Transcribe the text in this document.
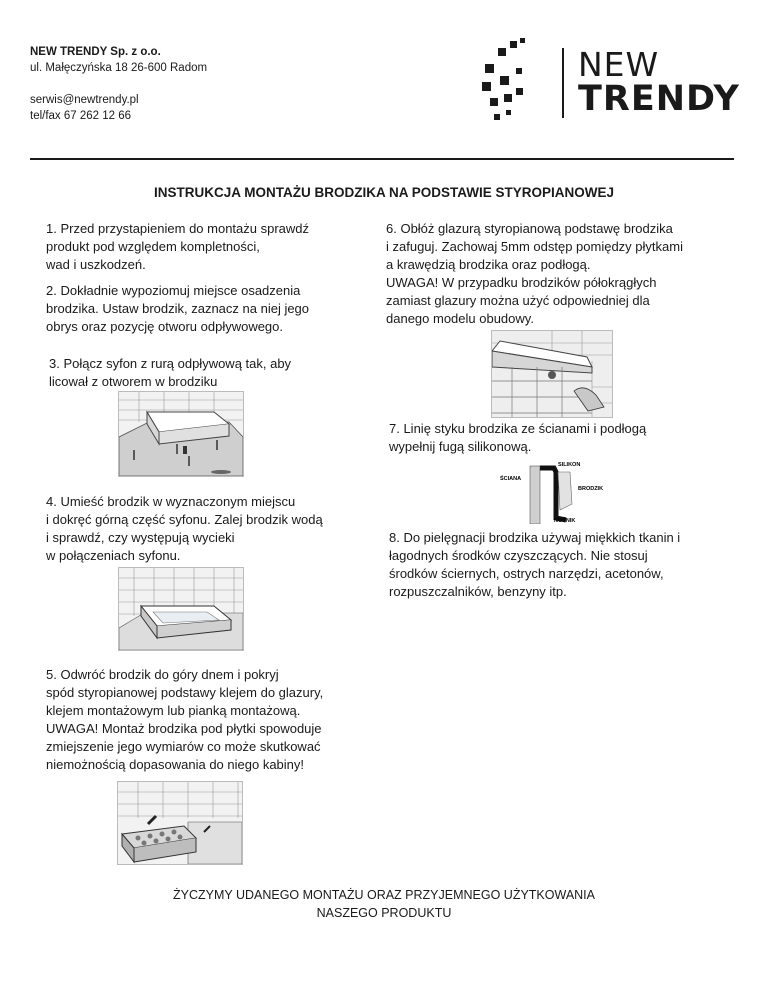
NEW TRENDY Sp. z o.o.
ul. Małęczyńska 18 26-600 Radom
serwis@newtrendy.pl
tel/fax 67 262 12 66
NEW
TRENDY
INSTRUKCJA MONTAŻU BRODZIKA NA PODSTAWIE STYROPIANOWEJ
1. Przed przystapieniem do montażu sprawdź
produkt pod względem kompletności,
wad i uszkodzeń.
2. Dokładnie wypoziomuj miejsce osadzenia
brodzika. Ustaw brodzik, zaznacz na niej jego
obrys oraz pozycję otworu odpływowego.
3. Połącz syfon z rurą odpływową tak, aby
licował z otworem w brodziku
4. Umieść brodzik w wyznaczonym miejscu
i dokręć górną część syfonu. Zalej brodzik wodą
i sprawdź, czy występują wycieki
w połączeniach syfonu.
5. Odwróć brodzik do góry dnem i pokryj
spód styropianowej podstawy klejem do glazury,
klejem montażowym lub pianką montażową.
UWAGA! Montaż brodzika pod płytki spowoduje
zmiejszenie jego wymiarów co może skutkować
niemożnością dopasowania do niego kabiny!
6. Obłóż glazurą styropianową podstawę brodzika
i zafuguj. Zachowaj 5mm odstęp pomiędzy płytkami
a krawędzią brodzika oraz podłogą.
UWAGA! W przypadku brodzików półokrągłych
zamiast glazury można użyć odpowiedniej dla
danego modelu obudowy.
7. Linię styku brodzika ze ścianami i podłogą
wypełnij fugą silikonową.
SILIKON
ŚCIANA
BRODZIK
NOŚNIK
8. Do pielęgnacji brodzika używaj miękkich tkanin i
łagodnych środków czyszczących. Nie stosuj
środków ściernych, ostrych narzędzi, acetonów,
rozpuszczalników, benzyny itp.
ŻYCZYMY UDANEGO MONTAŻU ORAZ PRZYJEMNEGO UŻYTKOWANIA
NASZEGO PRODUKTU
